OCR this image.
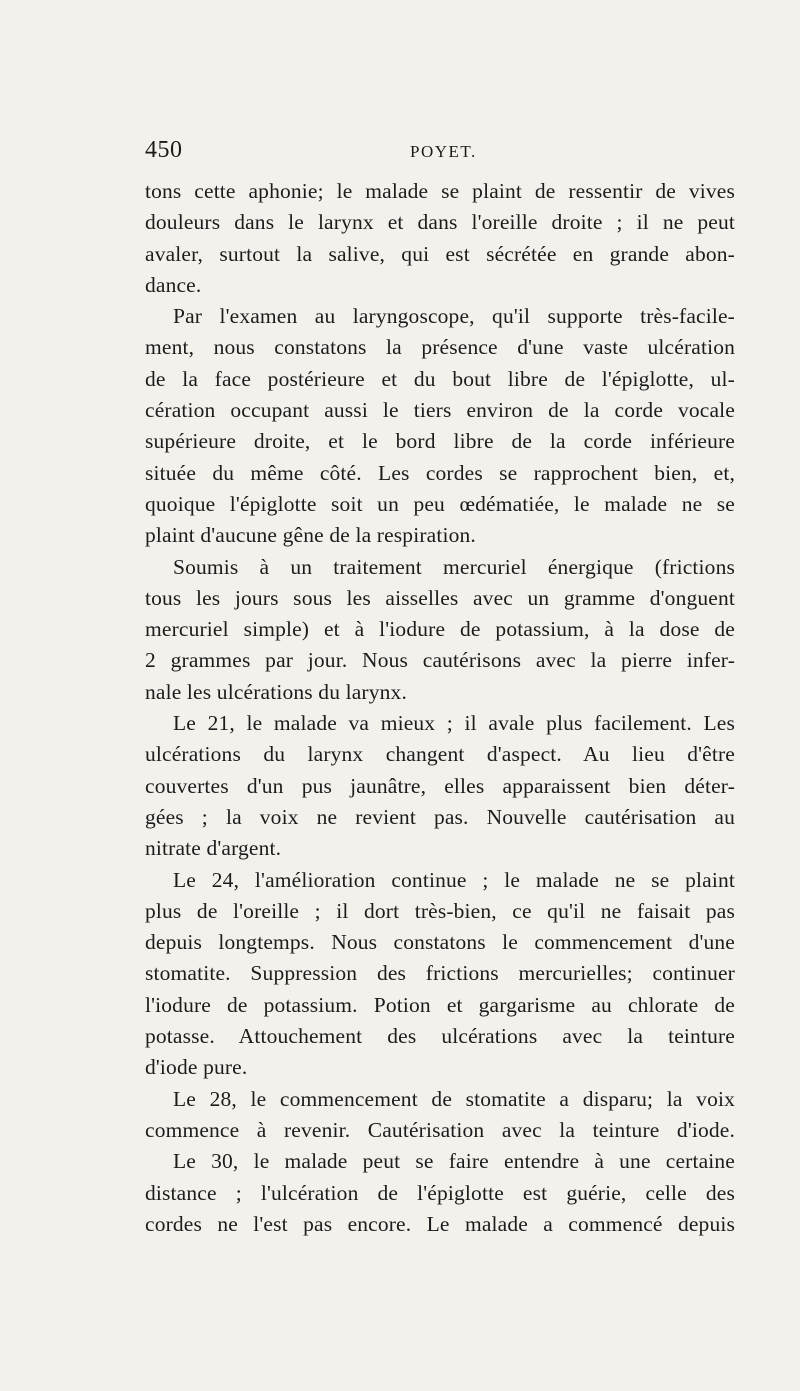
450	POYET.
tons cette aphonie; le malade se plaint de ressentir de vives
douleurs dans le larynx et dans l'oreille droite ; il ne peut
avaler, surtout la salive, qui est sécrétée en grande abon-
dance.
Par l'examen au laryngoscope, qu'il supporte très-facile-
ment, nous constatons la présence d'une vaste ulcération
de la face postérieure et du bout libre de l'épiglotte, ul-
cération occupant aussi le tiers environ de la corde vocale
supérieure droite, et le bord libre de la corde inférieure
située du même côté. Les cordes se rapprochent bien, et,
quoique l'épiglotte soit un peu œdématiée, le malade ne se
plaint d'aucune gêne de la respiration.
Soumis à un traitement mercuriel énergique (frictions
tous les jours sous les aisselles avec un gramme d'onguent
mercuriel simple) et à l'iodure de potassium, à la dose de
2 grammes par jour. Nous cautérisons avec la pierre infer-
nale les ulcérations du larynx.
Le 21, le malade va mieux ; il avale plus facilement. Les
ulcérations du larynx changent d'aspect. Au lieu d'être
couvertes d'un pus jaunâtre, elles apparaissent bien déter-
gées ; la voix ne revient pas. Nouvelle cautérisation au
nitrate d'argent.
Le 24, l'amélioration continue ; le malade ne se plaint
plus de l'oreille ; il dort très-bien, ce qu'il ne faisait pas
depuis longtemps. Nous constatons le commencement d'une
stomatite. Suppression des frictions mercurielles; continuer
l'iodure de potassium. Potion et gargarisme au chlorate de
potasse. Attouchement des ulcérations avec la teinture
d'iode pure.
Le 28, le commencement de stomatite a disparu; la voix
commence à revenir. Cautérisation avec la teinture d'iode.
Le 30, le malade peut se faire entendre à une certaine
distance ; l'ulcération de l'épiglotte est guérie, celle des
cordes ne l'est pas encore. Le malade a commencé depuis
